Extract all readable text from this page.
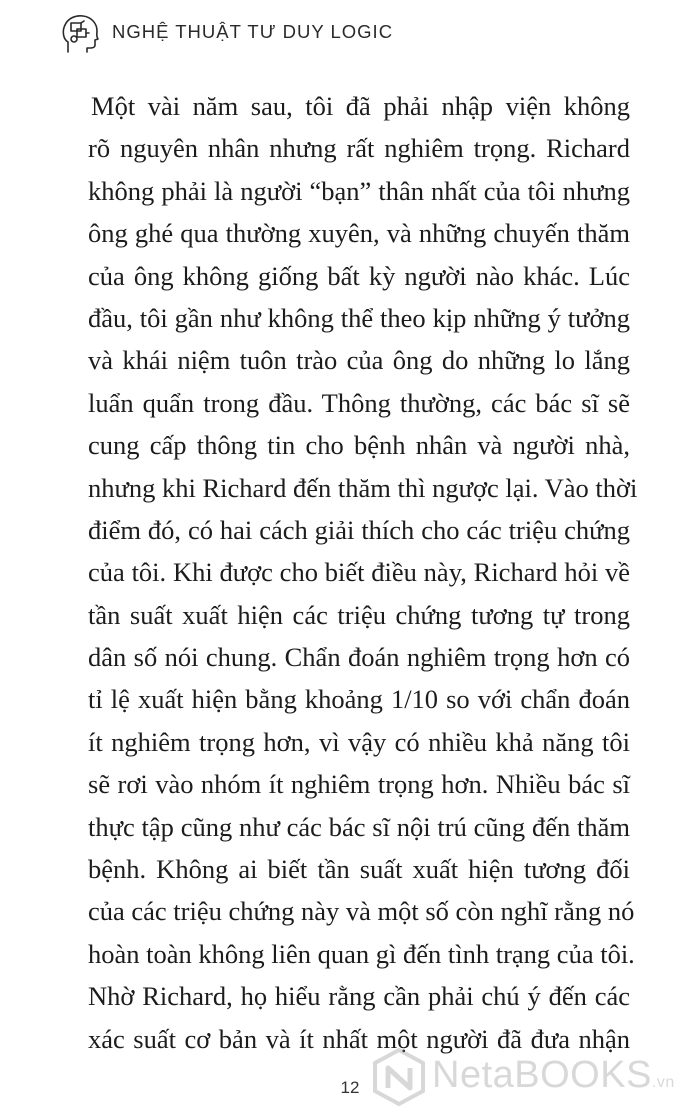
NGHỆ THUẬT TƯ DUY LOGIC
Một vài năm sau, tôi đã phải nhập viện không
rõ nguyên nhân nhưng rất nghiêm trọng. Richard
không phải là người “bạn” thân nhất của tôi nhưng
ông ghé qua thường xuyên, và những chuyến thăm
của ông không giống bất kỳ người nào khác. Lúc
đầu, tôi gần như không thể theo kịp những ý tưởng
và khái niệm tuôn trào của ông do những lo lắng
luẩn quẩn trong đầu. Thông thường, các bác sĩ sẽ
cung cấp thông tin cho bệnh nhân và người nhà,
nhưng khi Richard đến thăm thì ngược lại. Vào thời
điểm đó, có hai cách giải thích cho các triệu chứng
của tôi. Khi được cho biết điều này, Richard hỏi về
tần suất xuất hiện các triệu chứng tương tự trong
dân số nói chung. Chẩn đoán nghiêm trọng hơn có
tỉ lệ xuất hiện bằng khoảng 1/10 so với chẩn đoán
ít nghiêm trọng hơn, vì vậy có nhiều khả năng tôi
sẽ rơi vào nhóm ít nghiêm trọng hơn. Nhiều bác sĩ
thực tập cũng như các bác sĩ nội trú cũng đến thăm
bệnh. Không ai biết tần suất xuất hiện tương đối
của các triệu chứng này và một số còn nghĩ rằng nó
hoàn toàn không liên quan gì đến tình trạng của tôi.
Nhờ Richard, họ hiểu rằng cần phải chú ý đến các
xác suất cơ bản và ít nhất một người đã đưa nhận
12	NetaBOOKS.vn
